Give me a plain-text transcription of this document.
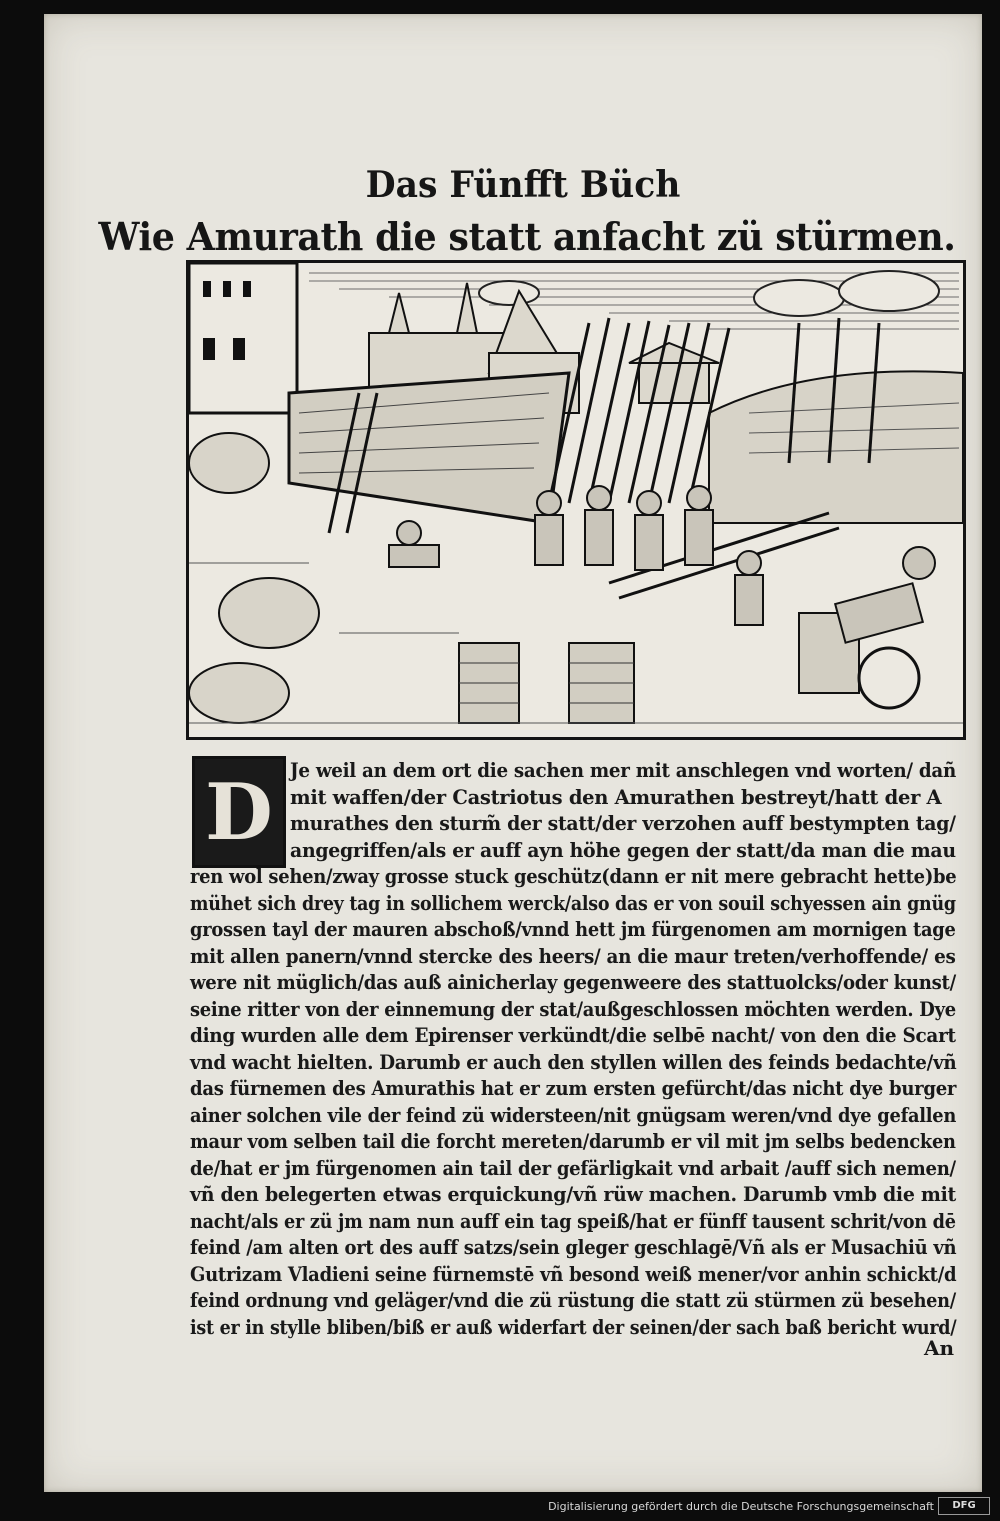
Das Fünfft Büch
Wie Amurath die statt anfacht zü stürmen.
D Je weil an dem ort die sachen mer mit anschlegen vnd worten/ dañ
mit waffen/der Castriotus den Amurathen bestreyt/hatt der A
murathes den sturm̃ der statt/der verzohen auff bestympten tag/
angegriffen/als er auff ayn höhe gegen der statt/da man die mau
ren wol sehen/zway grosse stuck geschütz(dann er nit mere gebracht hette)be
mühet sich drey tag in sollichem werck/also das er von souil schyessen ain gnüg
grossen tayl der mauren abschoß/vnnd hett jm fürgenomen am mornigen tage
mit allen panern/vnnd stercke des heers/ an die maur treten/verhoffende/ es
were nit müglich/das auß ainicherlay gegenweere des stattuolcks/oder kunst/
seine ritter von der einnemung der stat/außgeschlossen möchten werden. Dye
ding wurden alle dem Epirenser verkündt/die selbē nacht/ von den die Scart
vnd wacht hielten. Darumb er auch den styllen willen des feinds bedachte/vñ
das fürnemen des Amurathis hat er zum ersten gefürcht/das nicht dye burger
ainer solchen vile der feind zü widersteen/nit gnügsam weren/vnd dye gefallen
maur vom selben tail die forcht mereten/darumb er vil mit jm selbs bedencken
de/hat er jm fürgenomen ain tail der gefärligkait vnd arbait /auff sich nemen/
vñ den belegerten etwas erquickung/vñ rüw machen. Darumb vmb die mit
nacht/als er zü jm nam nun auff ein tag speiß/hat er fünff tausent schrit/von dē
feind /am alten ort des auff satzs/sein gleger geschlagē/Vñ als er Musachiū vñ
Gutrizam Vladieni seine fürnemstē vñ besond weiß mener/vor anhin schickt/d
feind ordnung vnd geläger/vnd die zü rüstung die statt zü stürmen zü besehen/
ist er in stylle bliben/biß er auß widerfart der seinen/der sach baß bericht wurd/
An
Digitalisierung gefördert durch die Deutsche Forschungsgemeinschaft	DFG
